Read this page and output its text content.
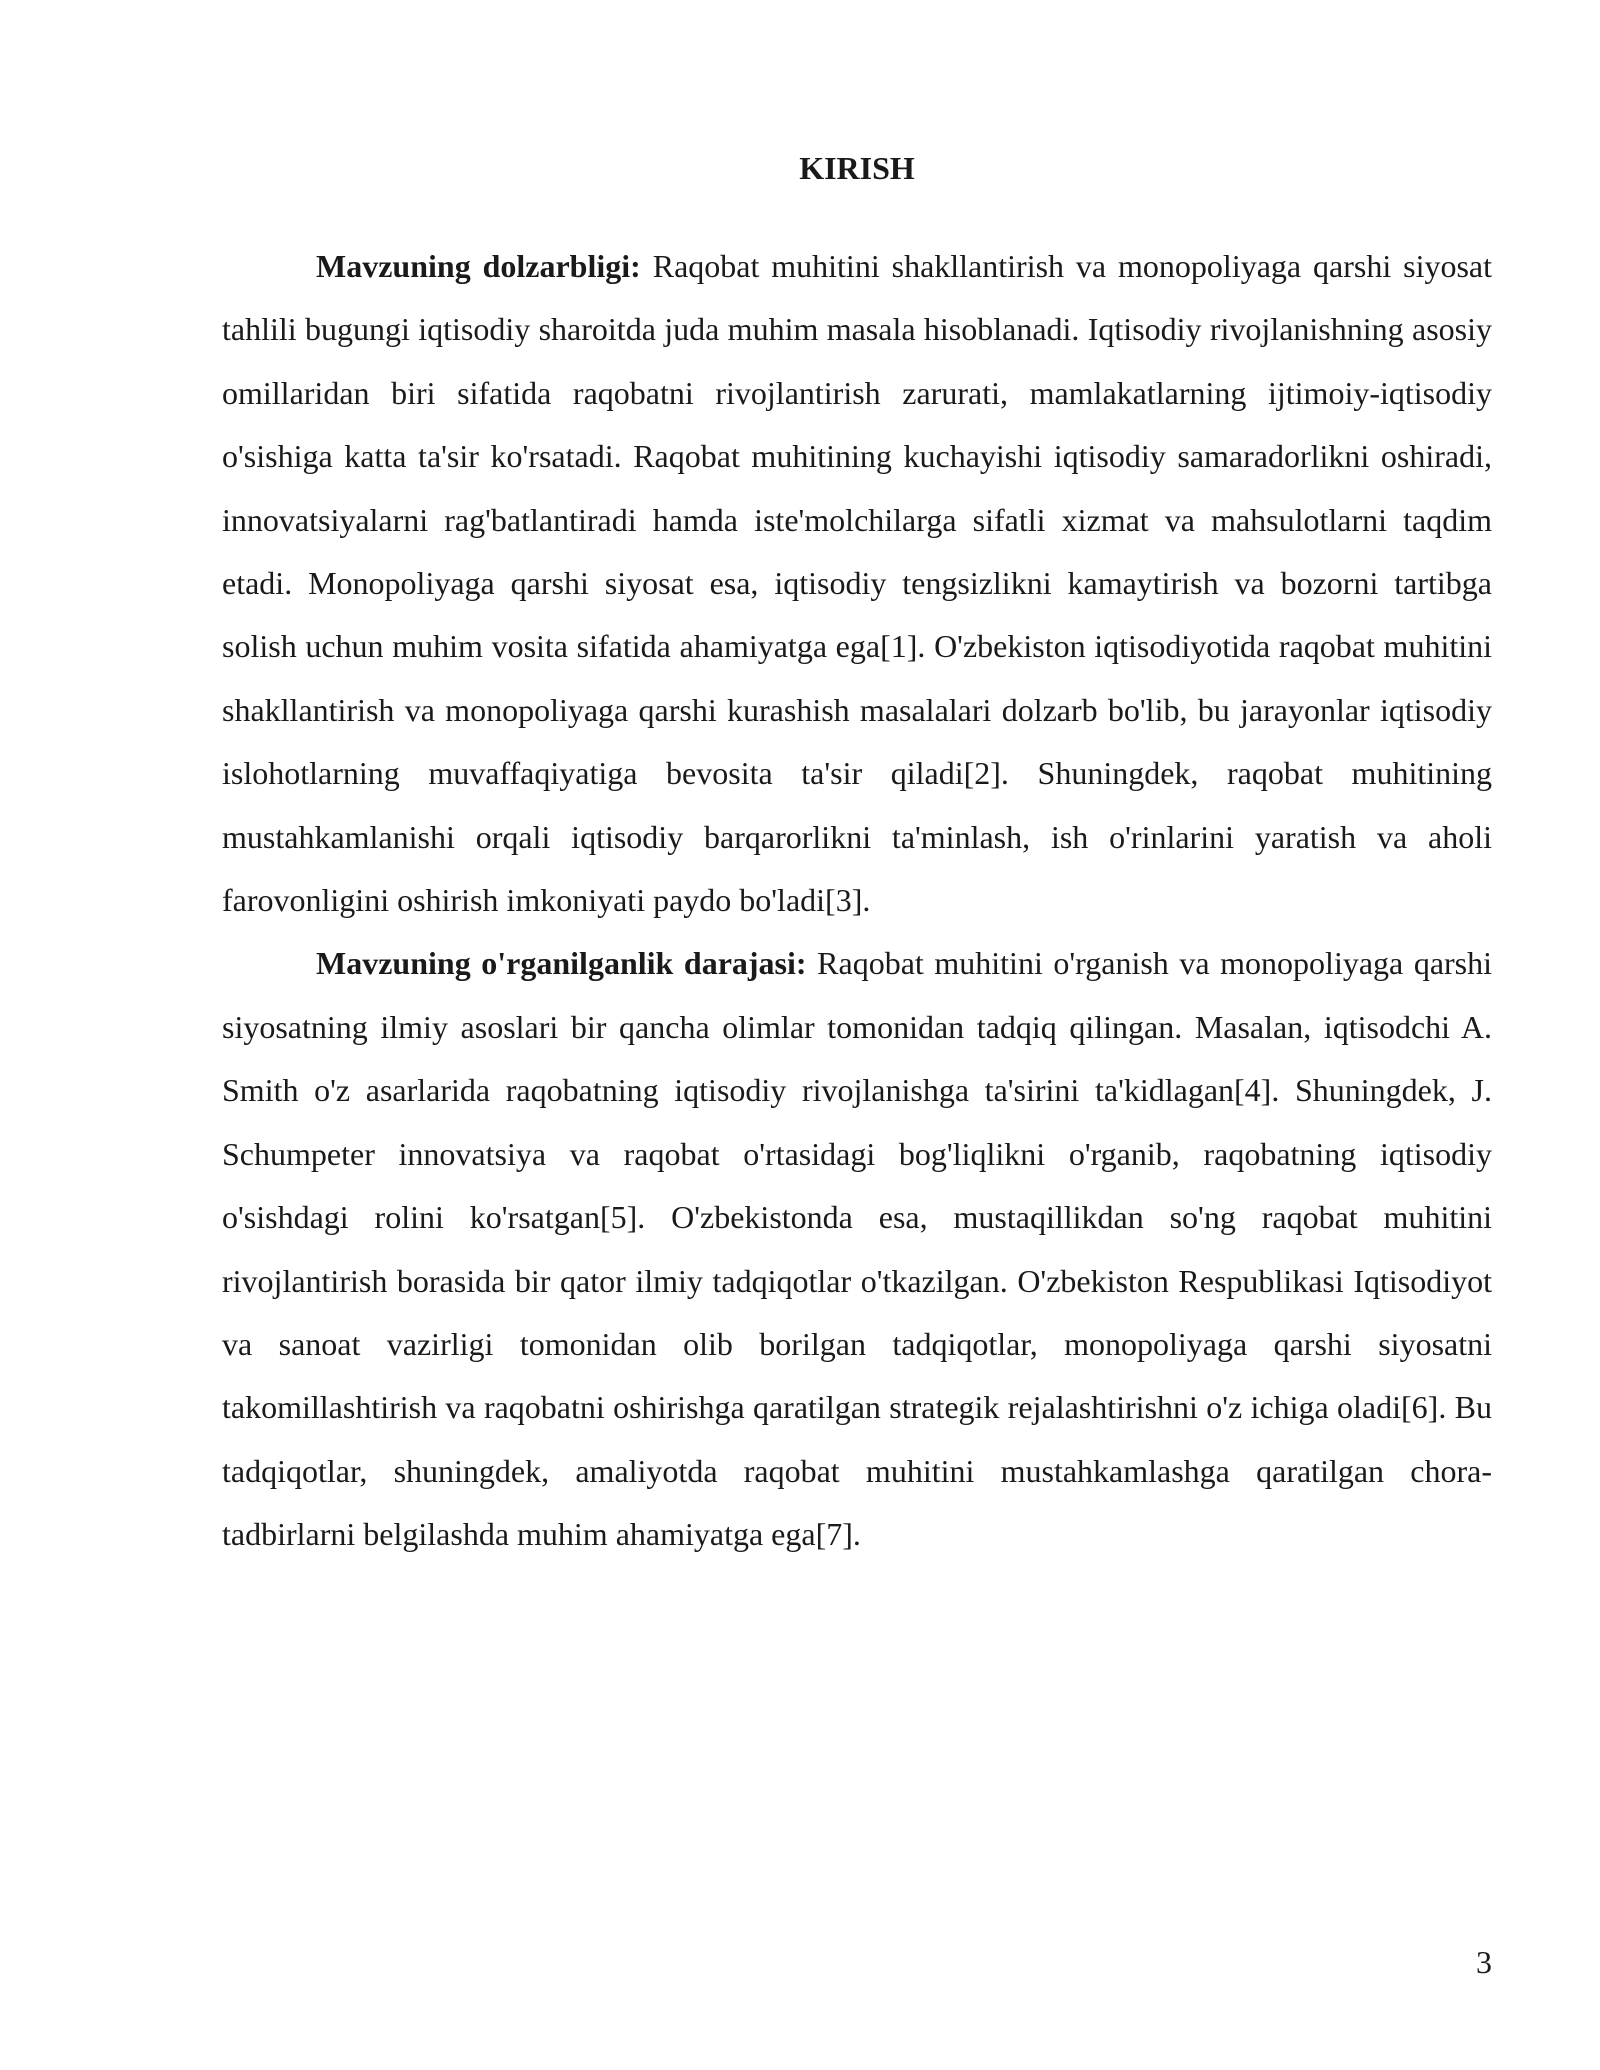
KIRISH

Mavzuning dolzarbligi: Raqobat muhitini shakllantirish va monopoliyaga qarshi siyosat tahlili bugungi iqtisodiy sharoitda juda muhim masala hisoblanadi. Iqtisodiy rivojlanishning asosiy omillaridan biri sifatida raqobatni rivojlantirish zarurati, mamlakatlarning ijtimoiy-iqtisodiy o'sishiga katta ta'sir ko'rsatadi. Raqobat muhitining kuchayishi iqtisodiy samaradorlikni oshiradi, innovatsiyalarni rag'batlantiradi hamda iste'molchilarga sifatli xizmat va mahsulotlarni taqdim etadi. Monopoliyaga qarshi siyosat esa, iqtisodiy tengsizlikni kamaytirish va bozorni tartibga solish uchun muhim vosita sifatida ahamiyatga ega[1]. O'zbekiston iqtisodiyotida raqobat muhitini shakllantirish va monopoliyaga qarshi kurashish masalalari dolzarb bo'lib, bu jarayonlar iqtisodiy islohotlarning muvaffaqiyatiga bevosita ta'sir qiladi[2]. Shuningdek, raqobat muhitining mustahkamlanishi orqali iqtisodiy barqarorlikni ta'minlash, ish o'rinlarini yaratish va aholi farovonligini oshirish imkoniyati paydo bo'ladi[3].

Mavzuning o'rganilganlik darajasi: Raqobat muhitini o'rganish va monopoliyaga qarshi siyosatning ilmiy asoslari bir qancha olimlar tomonidan tadqiq qilingan. Masalan, iqtisodchi A. Smith o'z asarlarida raqobatning iqtisodiy rivojlanishga ta'sirini ta'kidlagan[4]. Shuningdek, J. Schumpeter innovatsiya va raqobat o'rtasidagi bog'liqlikni o'rganib, raqobatning iqtisodiy o'sishdagi rolini ko'rsatgan[5]. O'zbekistonda esa, mustaqillikdan so'ng raqobat muhitini rivojlantirish borasida bir qator ilmiy tadqiqotlar o'tkazilgan. O'zbekiston Respublikasi Iqtisodiyot va sanoat vazirligi tomonidan olib borilgan tadqiqotlar, monopoliyaga qarshi siyosatni takomillashtirish va raqobatni oshirishga qaratilgan strategik rejalashtirishni o'z ichiga oladi[6]. Bu tadqiqotlar, shuningdek, amaliyotda raqobat muhitini mustahkamlashga qaratilgan chora-tadbirlarni belgilashda muhim ahamiyatga ega[7].

3
